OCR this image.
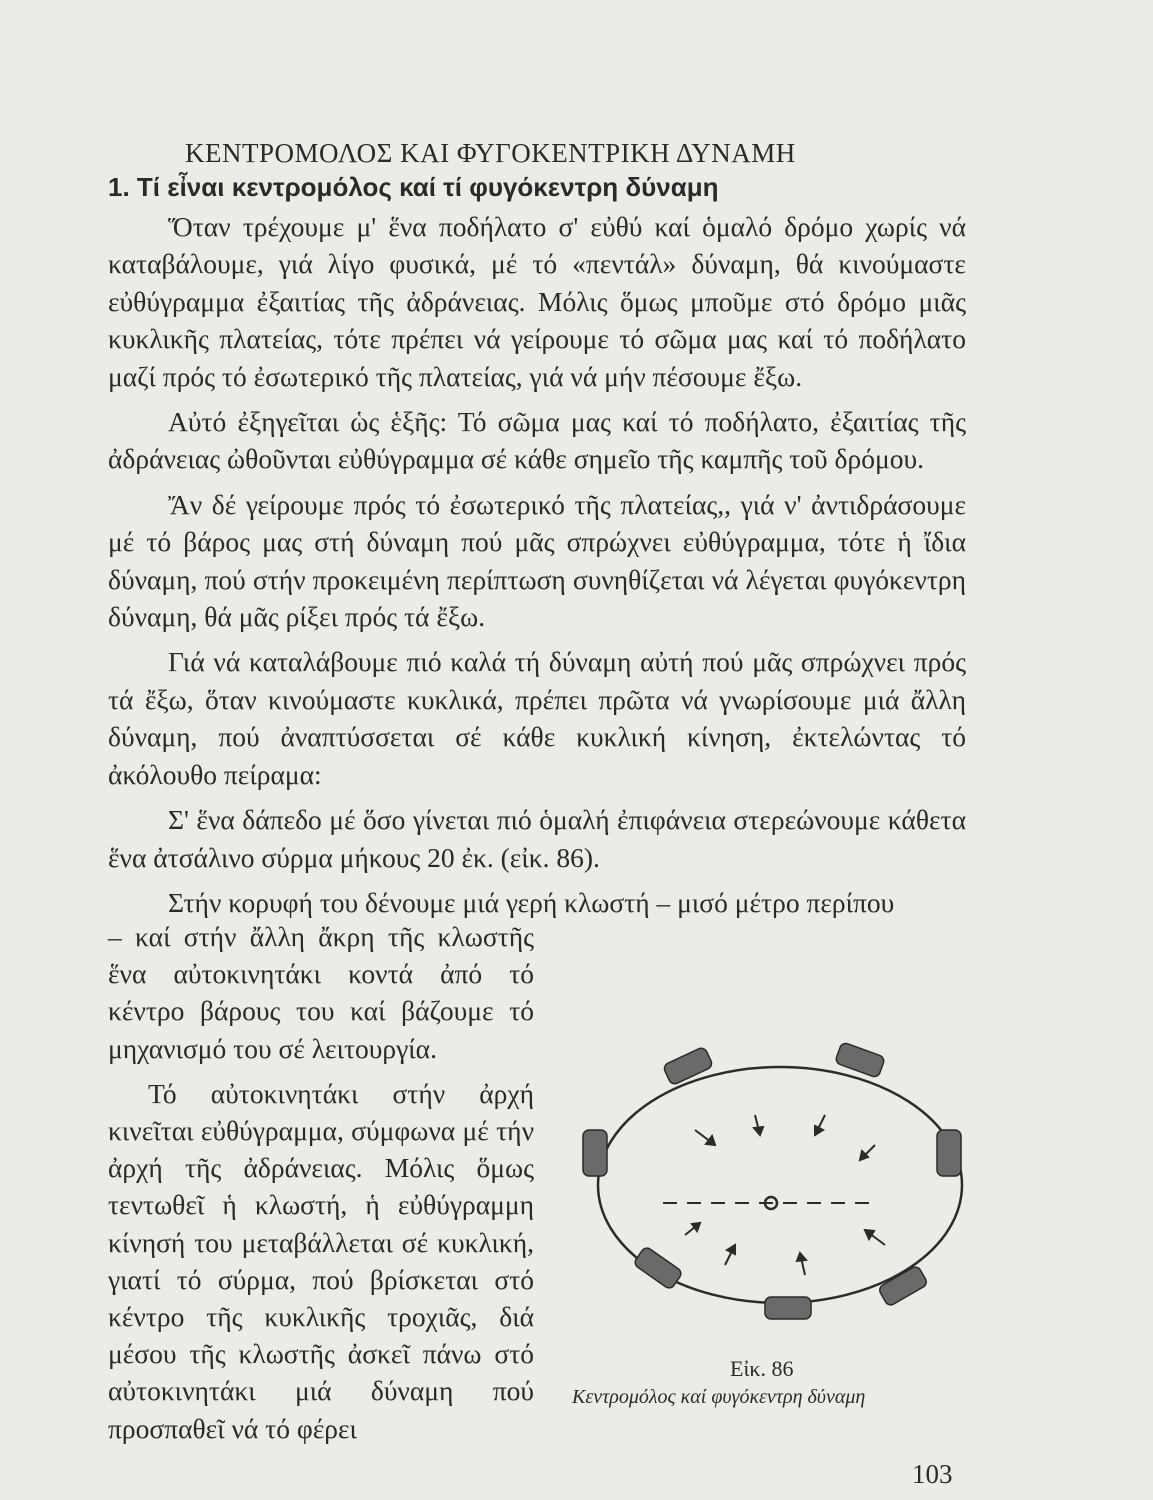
ΚΕΝΤΡΟΜΟΛΟΣ ΚΑΙ ΦΥΓΟΚΕΝΤΡΙΚΗ ΔΥΝΑΜΗ
1. Τί εἶναι κεντρομόλος καί τί φυγόκεντρη δύναμη

Ὅταν τρέχουμε μ' ἕνα ποδήλατο σ' εὐθύ καί ὁμαλό δρόμο χωρίς νά καταβάλουμε, γιά λίγο φυσικά, μέ τό «πεντάλ» δύναμη, θά κινούμαστε εὐθύγραμμα ἐξαιτίας τῆς ἀδράνειας. Μόλις ὅμως μποῦμε στό δρόμο μιᾶς κυκλικῆς πλατείας, τότε πρέπει νά γείρουμε τό σῶμα μας καί τό ποδήλατο μαζί πρός τό ἐσωτερικό τῆς πλατείας, γιά νά μήν πέσουμε ἔξω.

Αὐτό ἐξηγεῖται ὡς ἑξῆς: Τό σῶμα μας καί τό ποδήλατο, ἐξαιτίας τῆς ἀδράνειας ὠθοῦνται εὐθύγραμμα σέ κάθε σημεῖο τῆς καμπῆς τοῦ δρόμου.

Ἄν δέ γείρουμε πρός τό ἐσωτερικό τῆς πλατείας,, γιά ν' ἀντιδράσουμε μέ τό βάρος μας στή δύναμη πού μᾶς σπρώχνει εὐθύγραμμα, τότε ἡ ἴδια δύναμη, πού στήν προκειμένη περίπτωση συνηθίζεται νά λέγεται φυγόκεντρη δύναμη, θά μᾶς ρίξει πρός τά ἔξω.

Γιά νά καταλάβουμε πιό καλά τή δύναμη αὐτή πού μᾶς σπρώχνει πρός τά ἔξω, ὅταν κινούμαστε κυκλικά, πρέπει πρῶτα νά γνωρίσουμε μιά ἄλλη δύναμη, πού ἀναπτύσσεται σέ κάθε κυκλική κίνηση, ἐκτελώντας τό ἀκόλουθο πείραμα:

Σ' ἕνα δάπεδο μέ ὅσο γίνεται πιό ὁμαλή ἐπιφάνεια στερεώνουμε κάθετα ἕνα ἀτσάλινο σύρμα μήκους 20 ἐκ. (εἰκ. 86).

Στήν κορυφή του δένουμε μιά γερή κλωστή – μισό μέτρο περίπου

– καί στήν ἄλλη ἄκρη τῆς κλωστῆς ἕνα αὐτοκινητάκι κοντά ἀπό τό κέντρο βάρους του καί βάζουμε τό μηχανισμό του σέ λειτουργία.

Τό αὐτοκινητάκι στήν ἀρχή κινεῖται εὐθύγραμμα, σύμφωνα μέ τήν ἀρχή τῆς ἀδράνειας. Μόλις ὅμως τεντωθεῖ ἡ κλωστή, ἡ εὐθύγραμμη κίνησή του μεταβάλλεται σέ κυκλική, γιατί τό σύρμα, πού βρίσκεται στό κέντρο τῆς κυκλικῆς τροχιᾶς, διά μέσου τῆς κλωστῆς ἀσκεῖ πάνω στό αὐτοκινητάκι μιά δύναμη πού προσπαθεῖ νά τό φέρει

Εἰκ. 86
Κεντρομόλος καί φυγόκεντρη δύναμη
103
